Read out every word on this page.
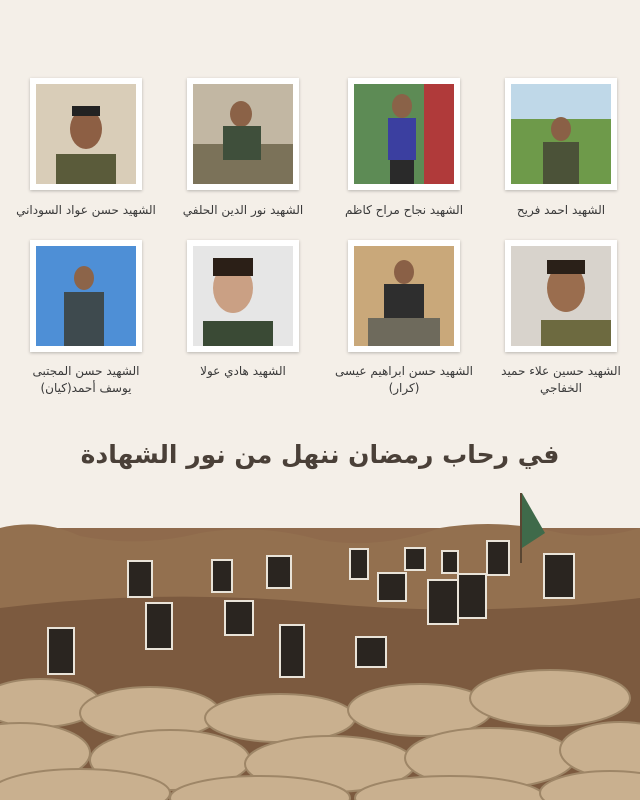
الشهيد حسن عواد السوداني	الشهيد نور الدين الحلفي	الشهيد نجاح مراح كاظم	الشهيد احمد فريح
الشهيد حسن المجتبى
يوسف أحمد(كيان)
الشهيد هادي عولا	الشهيد حسن ابراهيم عيسى
(كرار)
الشهيد حسين علاء حميد
الخفاجي
في رحاب رمضان ننهل من نور الشهادة
